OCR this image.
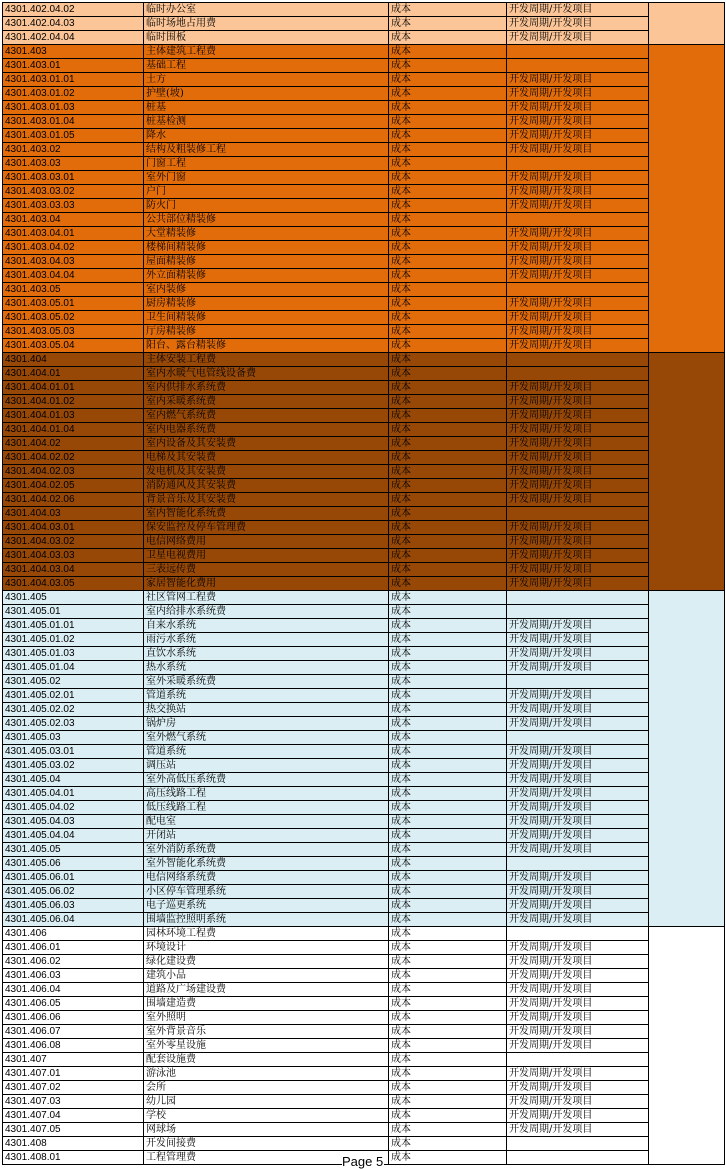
4301.402.04.02	临时办公室	成本	开发周期/开发项目	
4301.402.04.03	临时场地占用费	成本	开发周期/开发项目	
4301.402.04.04	临时围板	成本	开发周期/开发项目	
4301.403	主体建筑工程费	成本		
4301.403.01	基础工程	成本		
4301.403.01.01	土方	成本	开发周期/开发项目	
4301.403.01.02	护壁(坡)	成本	开发周期/开发项目	
4301.403.01.03	桩基	成本	开发周期/开发项目	
4301.403.01.04	桩基检测	成本	开发周期/开发项目	
4301.403.01.05	降水	成本	开发周期/开发项目	
4301.403.02	结构及粗装修工程	成本	开发周期/开发项目	
4301.403.03	门窗工程	成本		
4301.403.03.01	室外门窗	成本	开发周期/开发项目	
4301.403.03.02	户门	成本	开发周期/开发项目	
4301.403.03.03	防火门	成本	开发周期/开发项目	
4301.403.04	公共部位精装修	成本		
4301.403.04.01	大堂精装修	成本	开发周期/开发项目	
4301.403.04.02	楼梯间精装修	成本	开发周期/开发项目	
4301.403.04.03	屋面精装修	成本	开发周期/开发项目	
4301.403.04.04	外立面精装修	成本	开发周期/开发项目	
4301.403.05	室内装修	成本		
4301.403.05.01	厨房精装修	成本	开发周期/开发项目	
4301.403.05.02	卫生间精装修	成本	开发周期/开发项目	
4301.403.05.03	厅房精装修	成本	开发周期/开发项目	
4301.403.05.04	阳台、露台精装修	成本	开发周期/开发项目	
4301.404	主体安装工程费	成本		
4301.404.01	室内水暖气电管线设备费	成本		
4301.404.01.01	室内供排水系统费	成本	开发周期/开发项目	
4301.404.01.02	室内采暖系统费	成本	开发周期/开发项目	
4301.404.01.03	室内燃气系统费	成本	开发周期/开发项目	
4301.404.01.04	室内电器系统费	成本	开发周期/开发项目	
4301.404.02	室内设备及其安装费	成本	开发周期/开发项目	
4301.404.02.02	电梯及其安装费	成本	开发周期/开发项目	
4301.404.02.03	发电机及其安装费	成本	开发周期/开发项目	
4301.404.02.05	消防通风及其安装费	成本	开发周期/开发项目	
4301.404.02.06	背景音乐及其安装费	成本	开发周期/开发项目	
4301.404.03	室内智能化系统费	成本		
4301.404.03.01	保安监控及停车管理费	成本	开发周期/开发项目	
4301.404.03.02	电信网络费用	成本	开发周期/开发项目	
4301.404.03.03	卫星电视费用	成本	开发周期/开发项目	
4301.404.03.04	三表远传费	成本	开发周期/开发项目	
4301.404.03.05	家居智能化费用	成本	开发周期/开发项目	
4301.405	社区管网工程费	成本		
4301.405.01	室内给排水系统费	成本		
4301.405.01.01	自来水系统	成本	开发周期/开发项目	
4301.405.01.02	雨污水系统	成本	开发周期/开发项目	
4301.405.01.03	直饮水系统	成本	开发周期/开发项目	
4301.405.01.04	热水系统	成本	开发周期/开发项目	
4301.405.02	室外采暖系统费	成本		
4301.405.02.01	管道系统	成本	开发周期/开发项目	
4301.405.02.02	热交换站	成本	开发周期/开发项目	
4301.405.02.03	锅炉房	成本	开发周期/开发项目	
4301.405.03	室外燃气系统	成本		
4301.405.03.01	管道系统	成本	开发周期/开发项目	
4301.405.03.02	调压站	成本	开发周期/开发项目	
4301.405.04	室外高低压系统费	成本	开发周期/开发项目	
4301.405.04.01	高压线路工程	成本	开发周期/开发项目	
4301.405.04.02	低压线路工程	成本	开发周期/开发项目	
4301.405.04.03	配电室	成本	开发周期/开发项目	
4301.405.04.04	开闭站	成本	开发周期/开发项目	
4301.405.05	室外消防系统费	成本	开发周期/开发项目	
4301.405.06	室外智能化系统费	成本		
4301.405.06.01	电信网络系统费	成本	开发周期/开发项目	
4301.405.06.02	小区停车管理系统	成本	开发周期/开发项目	
4301.405.06.03	电子巡更系统	成本	开发周期/开发项目	
4301.405.06.04	围墙监控照明系统	成本	开发周期/开发项目	
4301.406	园林环境工程费	成本		
4301.406.01	环境设计	成本	开发周期/开发项目	
4301.406.02	绿化建设费	成本	开发周期/开发项目	
4301.406.03	建筑小品	成本	开发周期/开发项目	
4301.406.04	道路及广场建设费	成本	开发周期/开发项目	
4301.406.05	围墙建造费	成本	开发周期/开发项目	
4301.406.06	室外照明	成本	开发周期/开发项目	
4301.406.07	室外背景音乐	成本	开发周期/开发项目	
4301.406.08	室外零星设施	成本	开发周期/开发项目	
4301.407	配套设施费	成本		
4301.407.01	游泳池	成本	开发周期/开发项目	
4301.407.02	会所	成本	开发周期/开发项目	
4301.407.03	幼儿园	成本	开发周期/开发项目	
4301.407.04	学校	成本	开发周期/开发项目	
4301.407.05	网球场	成本	开发周期/开发项目	
4301.408	开发间接费	成本		
4301.408.01	工程管理费	成本		
Page 5
